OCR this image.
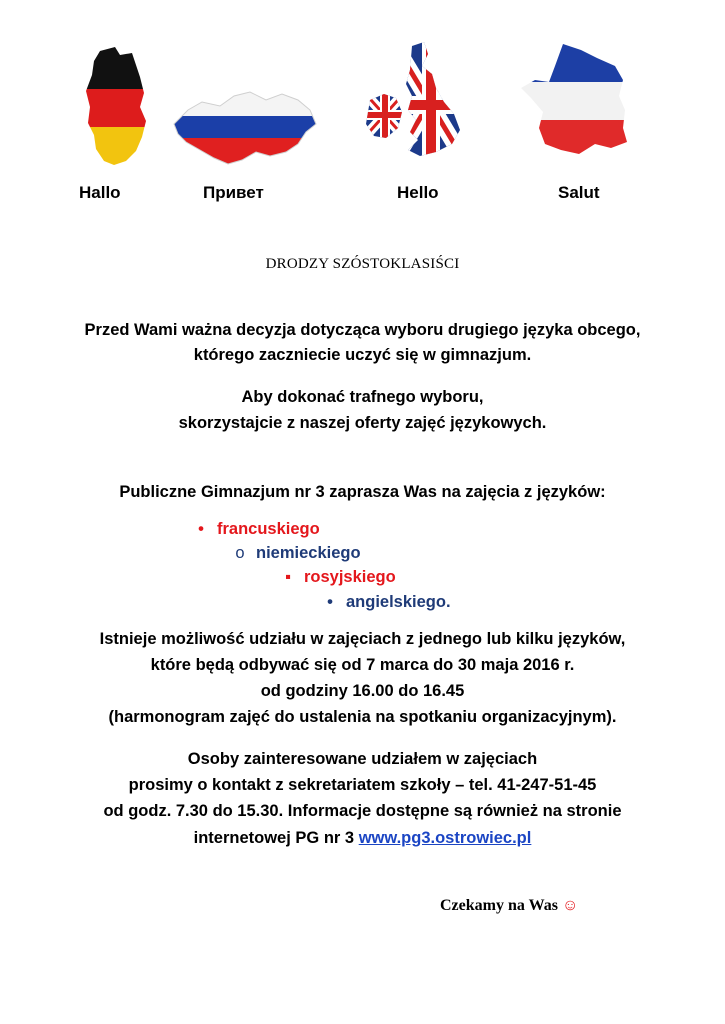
Hallo	Привет	Hello	Salut
DRODZY SZÓSTOKLASIŚCI
Przed Wami ważna decyzja dotycząca wyboru drugiego języka obcego,
którego zaczniecie uczyć się w gimnazjum.
Aby dokonać trafnego wyboru,
skorzystajcie z naszej oferty zajęć językowych.
Publiczne Gimnazjum nr 3 zaprasza Was na zajęcia z języków:
• francuskiego
o niemieckiego
▪ rosyjskiego
• angielskiego.
Istnieje możliwość udziału w zajęciach z jednego lub kilku języków,
które będą odbywać się od 7 marca do 30 maja 2016 r.
od godziny 16.00 do 16.45
(harmonogram zajęć do ustalenia na spotkaniu organizacyjnym).
Osoby zainteresowane udziałem w zajęciach
prosimy o kontakt z sekretariatem szkoły – tel. 41-247-51-45
od godz. 7.30 do 15.30. Informacje dostępne są również na stronie
internetowej PG nr 3 www.pg3.ostrowiec.pl
Czekamy na Was ☺
